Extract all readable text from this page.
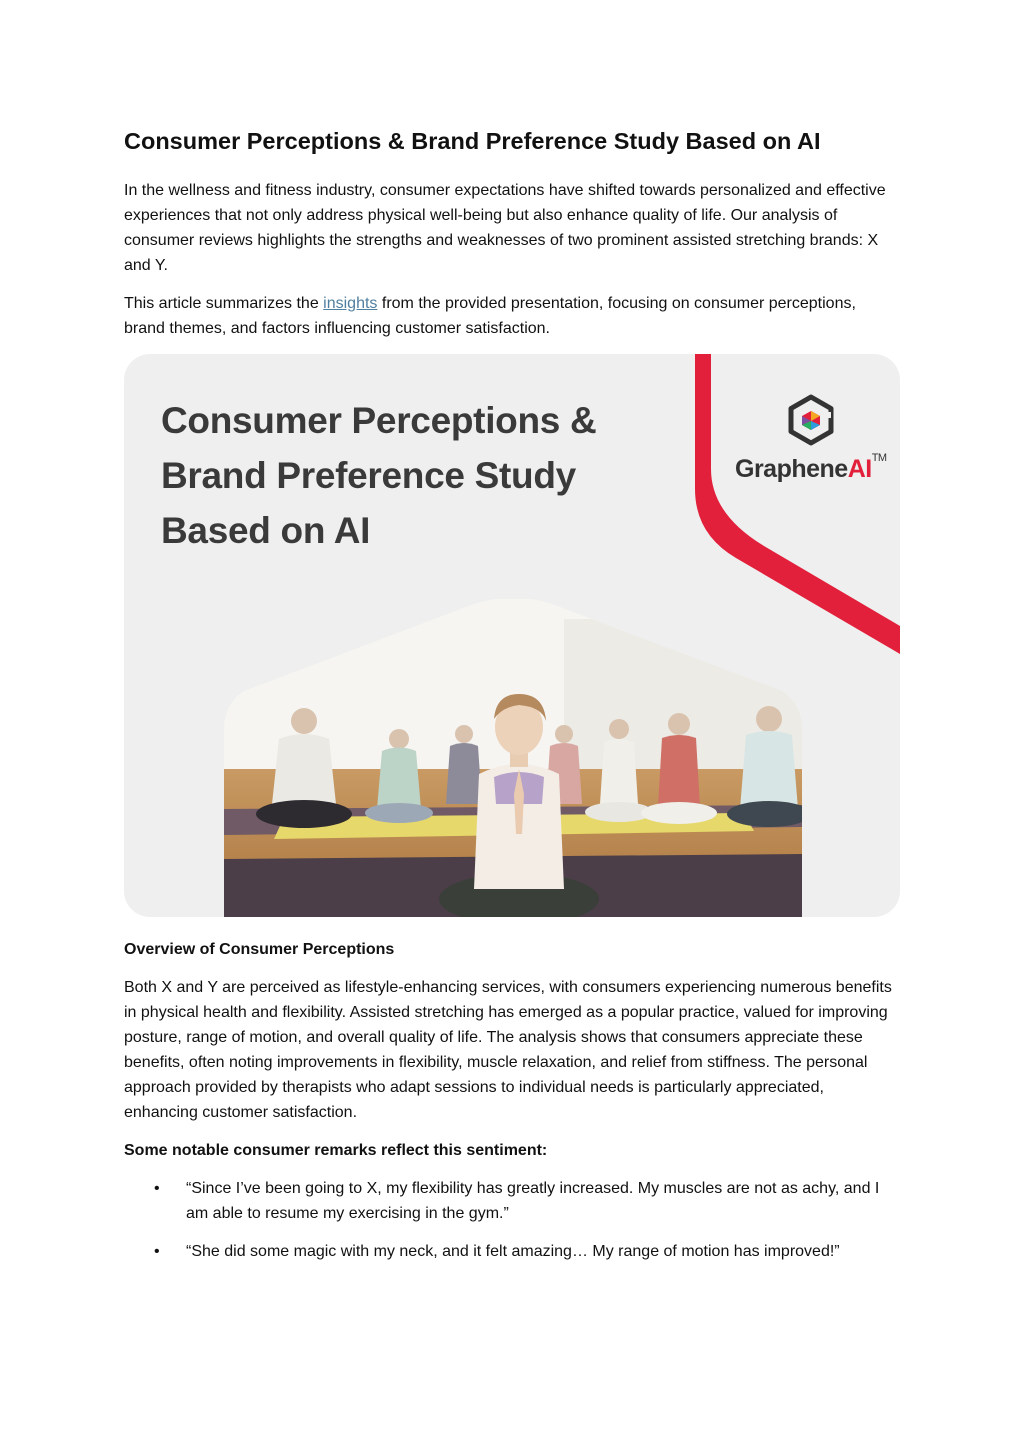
Consumer Perceptions & Brand Preference Study Based on AI

In the wellness and fitness industry, consumer expectations have shifted towards personalized and effective experiences that not only address physical well-being but also enhance quality of life. Our analysis of consumer reviews highlights the strengths and weaknesses of two prominent assisted stretching brands: X and Y.

This article summarizes the insights from the provided presentation, focusing on consumer perceptions, brand themes, and factors influencing customer satisfaction.

Consumer Perceptions &
Brand Preference Study
Based on AI
GrapheneAI™
Overview of Consumer Perceptions

Both X and Y are perceived as lifestyle-enhancing services, with consumers experiencing numerous benefits in physical health and flexibility. Assisted stretching has emerged as a popular practice, valued for improving posture, range of motion, and overall quality of life. The analysis shows that consumers appreciate these benefits, often noting improvements in flexibility, muscle relaxation, and relief from stiffness. The personal approach provided by therapists who adapt sessions to individual needs is particularly appreciated, enhancing customer satisfaction.

Some notable consumer remarks reflect this sentiment:
• “Since I’ve been going to X, my flexibility has greatly increased. My muscles are not as achy, and I am able to resume my exercising in the gym.”
• “She did some magic with my neck, and it felt amazing… My range of motion has improved!”
